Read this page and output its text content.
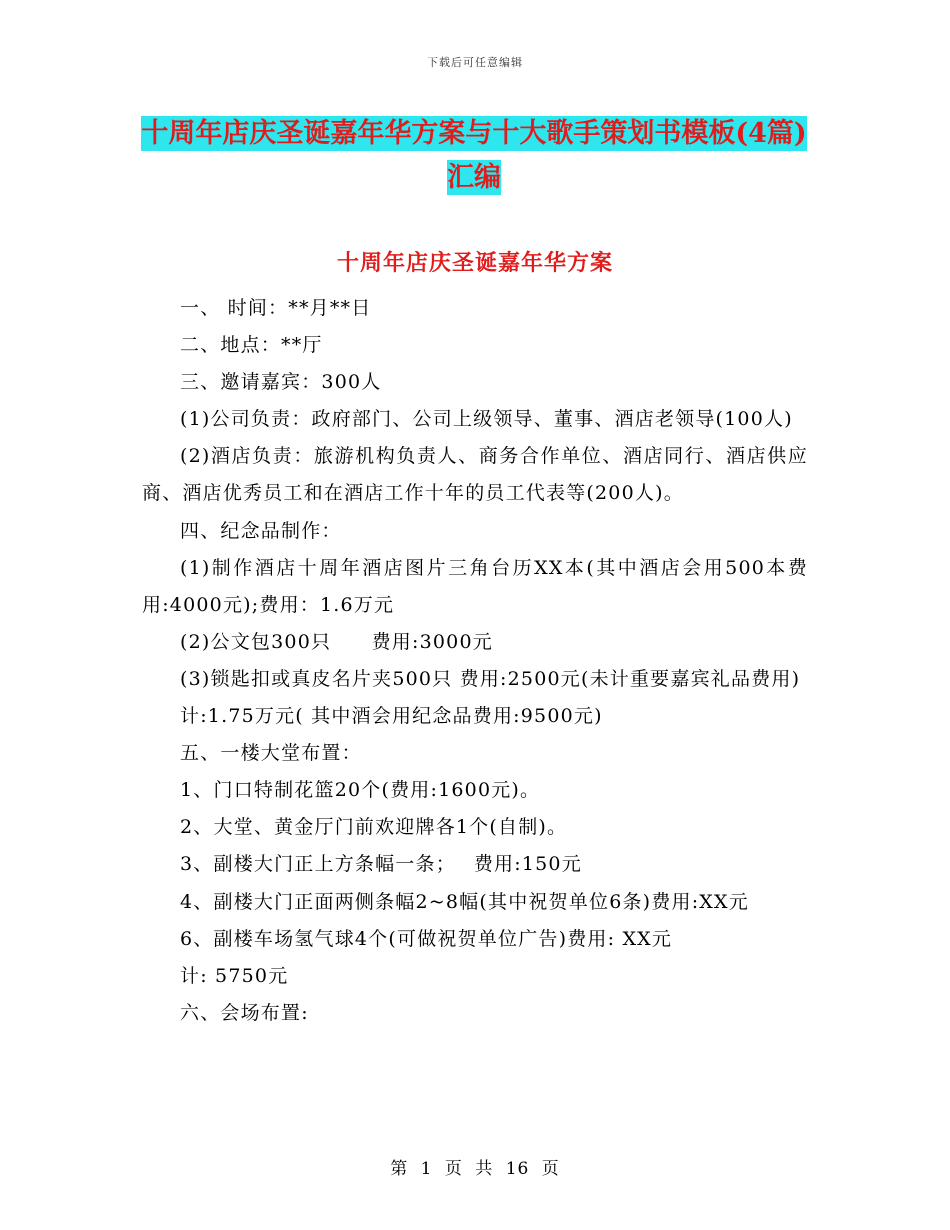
下载后可任意编辑
十周年店庆圣诞嘉年华方案与十大歌手策划书模板(4篇)汇编
十周年店庆圣诞嘉年华方案

一、 时间：**月**日

二、地点：**厅

三、邀请嘉宾：300人

(1)公司负责：政府部门、公司上级领导、董事、酒店老领导(100人)

(2)酒店负责：旅游机构负责人、商务合作单位、酒店同行、酒店供应商、酒店优秀员工和在酒店工作十年的员工代表等(200人)。

四、纪念品制作：

(1)制作酒店十周年酒店图片三角台历XX本(其中酒店会用500本费用:4000元);费用：1.6万元

(2)公文包300只　　费用:3000元

(3)锁匙扣或真皮名片夹500只 费用:2500元(未计重要嘉宾礼品费用)

计:1.75万元( 其中酒会用纪念品费用:9500元)

五、一楼大堂布置：

1、门口特制花篮20个(费用:1600元)。

2、大堂、黄金厅门前欢迎牌各1个(自制)。

3、副楼大门正上方条幅一条；　 费用:150元

4、副楼大门正面两侧条幅2~8幅(其中祝贺单位6条)费用:XX元

6、副楼车场氢气球4个(可做祝贺单位广告)费用: XX元

计: 5750元

六、会场布置:

第 1 页 共 16 页
